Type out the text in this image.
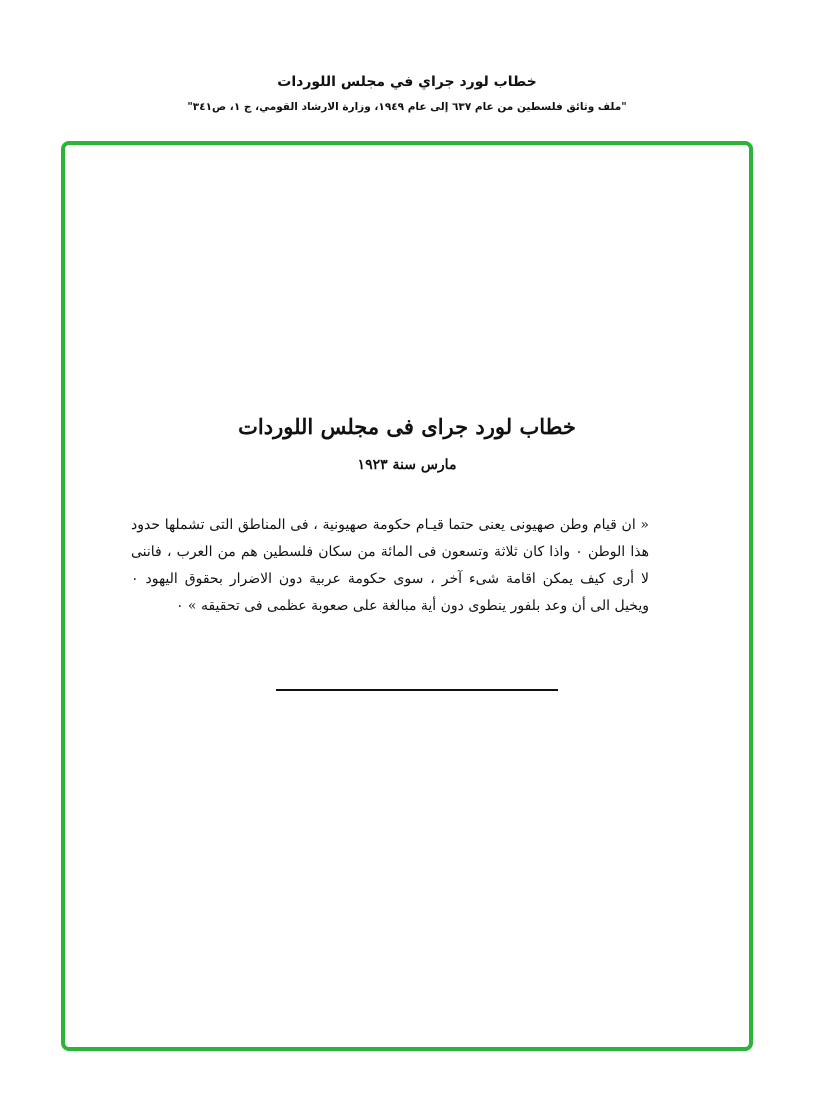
خطاب لورد جراي في مجلس اللوردات
"ملف وثائق فلسطين من عام ٦٣٧ إلى عام ١٩٤٩، وزارة الارشاد القومي، ج ١، ص٣٤١"
خطاب لورد جراى فى مجلس اللوردات
مارس سنة ١٩٢٣

« ان قيام وطن صهيونى يعنى حتما قيـام حكومة صهيونية ، فى المناطق التى تشملها حدود هذا الوطن ٠ واذا كان ثلاثة وتسعون فى المائة من سكان فلسطين هم من العرب ، فاننى لا أرى كيف يمكن اقامة شىء آخر ، سوى حكومة عربية دون الاضرار بحقوق اليهود ٠ ويخيل الى أن وعد بلفور ينطوى دون أية مبالغة على صعوبة عظمى فى تحقيقه » ٠
